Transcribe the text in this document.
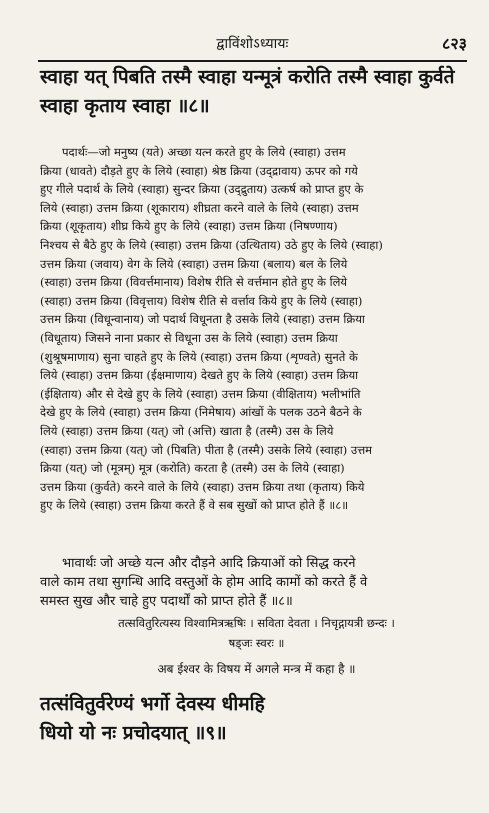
द्वाविंशोऽध्यायः	८२३
स्वाहा यत् पिबति तस्मै स्वाहा यन्मूत्रं करोति तस्मै स्वाहा कुर्वते
स्वाहा कृताय स्वाहा ॥८॥
पदार्थः—जो मनुष्य (यते) अच्छा यत्न करते हुए के लिये (स्वाहा) उत्तम
क्रिया (धावते) दौड़ते हुए के लिये (स्वाहा) श्रेष्ठ क्रिया (उद्द्रावाय) ऊपर को गये
हुए गीले पदार्थ के लिये (स्वाहा) सुन्दर क्रिया (उद्द्रुताय) उत्कर्ष को प्राप्त हुए के
लिये (स्वाहा) उत्तम क्रिया (शूकाराय) शीघ्रता करने वाले के लिये (स्वाहा) उत्तम
क्रिया (शूकृताय) शीघ्र किये हुए के लिये (स्वाहा) उत्तम क्रिया (निषण्णाय)
निश्चय से बैठे हुए के लिये (स्वाहा) उत्तम क्रिया (उत्थिताय) उठे हुए के लिये (स्वाहा)
उत्तम क्रिया (जवाय) वेग के लिये (स्वाहा) उत्तम क्रिया (बलाय) बल के लिये
(स्वाहा) उत्तम क्रिया (विवर्त्तमानाय) विशेष रीति से वर्त्तमान होते हुए के लिये
(स्वाहा) उत्तम क्रिया (विवृत्ताय) विशेष रीति से वर्त्ताव किये हुए के लिये (स्वाहा)
उत्तम क्रिया (विधून्वानाय) जो पदार्थ विधूनता है उसके लिये (स्वाहा) उत्तम क्रिया
(विधूताय) जिसने नाना प्रकार से विधूना उस के लिये (स्वाहा) उत्तम क्रिया
(शुश्रूषमाणाय) सुना चाहते हुए के लिये (स्वाहा) उत्तम क्रिया (शृण्वते) सुनते के
लिये (स्वाहा) उत्तम क्रिया (ईक्षमाणाय) देखते हुए के लिये (स्वाहा) उत्तम क्रिया
(ईक्षिताय) और से देखे हुए के लिये (स्वाहा) उत्तम क्रिया (वीक्षिताय) भलीभांति
देखे हुए के लिये (स्वाहा) उत्तम क्रिया (निमेषाय) आंखों के पलक उठने बैठने के
लिये (स्वाहा) उत्तम क्रिया (यत्) जो (अत्ति) खाता है (तस्मै) उस के लिये
(स्वाहा) उत्तम क्रिया (यत्) जो (पिबति) पीता है (तस्मै) उसके लिये (स्वाहा) उत्तम
क्रिया (यत्) जो (मूत्रम्) मूत्र (करोति) करता है (तस्मै) उस के लिये (स्वाहा)
उत्तम क्रिया (कुर्वते) करने वाले के लिये (स्वाहा) उत्तम क्रिया तथा (कृताय) किये
हुए के लिये (स्वाहा) उत्तम क्रिया करते हैं वे सब सुखों को प्राप्त होते हैं ॥८॥
भावार्थः जो अच्छे यत्न और दौड़ने आदि क्रियाओं को सिद्ध करने
वाले काम तथा सुगन्धि आदि वस्तुओं के होम आदि कामों को करते हैं वे
समस्त सुख और चाहे हुए पदार्थों को प्राप्त होते हैं ॥८॥
तत्सवितुरित्यस्य विश्वामित्रऋषिः । सविता देवता । निचृद्गायत्री छन्दः ।
षड्जः स्वरः ॥
अब ईश्वर के विषय में अगले मन्त्र में कहा है ॥
तत्संवितुर्वरेण्यं भर्गो देवस्य धीमहि
धियो यो नः प्रचोदयात् ॥९॥
